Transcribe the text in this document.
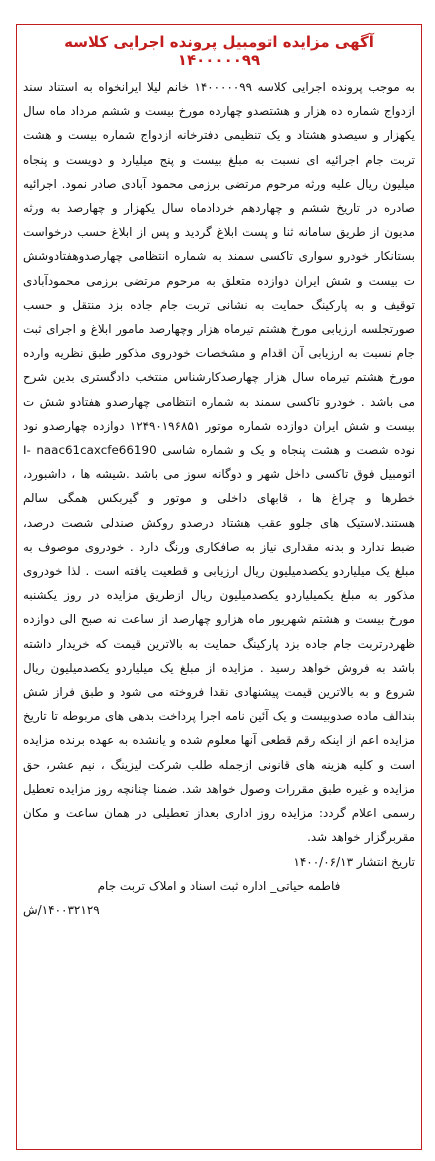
آگهی مزایده اتومبیل پرونده اجرایی کلاسه ۱۴۰۰۰۰۰۹۹

به موجب پرونده اجرایی کلاسه ۱۴۰۰۰۰۰۹۹ خانم لیلا ایرانخواه به استناد سند ازدواج شماره ده هزار و هشتصدو چهارده مورخ بیست و ششم مرداد ماه سال یکهزار و سیصدو هشتاد و یک تنظیمی دفترخانه ازدواج شماره بیست و هشت تربت جام اجرائیه ای نسبت به مبلغ بیست و پنج میلیارد و دویست و پنجاه میلیون ریال علیه ورثه مرحوم مرتضی برزمی محمود آبادی صادر نمود. اجرائیه صادره در تاریخ ششم و چهاردهم خردادماه سال یکهزار و چهارصد به ورثه مدیون از طریق سامانه ثنا و پست ابلاغ گردید و پس از ابلاغ حسب درخواست بستانکار خودرو سواری تاکسی سمند به شماره انتظامی چهارصدوهفتادوشش ت بیست و شش ایران دوازده متعلق به مرحوم مرتضی برزمی محمودآبادی توقیف و به پارکینگ حمایت به نشانی تربت جام جاده بزد منتقل و حسب صورتجلسه ارزیابی مورخ هشتم تیرماه هزار وچهارصد مامور ابلاغ و اجرای ثبت جام نسبت به ارزیابی آن اقدام و مشخصات خودروی مذکور طبق نظریه وارده مورخ هشتم تیرماه سال هزار چهارصدکارشناس منتخب دادگستری بدین شرح می باشد . خودرو تاکسی سمند به شماره انتظامی چهارصدو هفتادو شش ت بیست و شش ایران دوازده شماره موتور ۱۲۴۹۰۱۹۶۸۵۱ دوازده چهارصدو نود نوده شصت و هشت پنجاه و یک و شماره شاسی I- naac61caxcfe66190 اتومبیل فوق تاکسی داخل شهر و دوگانه سوز می باشد .شیشه ها ، داشبورد، خطرها و چراغ ها ، قابهای داخلی و موتور و گیربکس همگی سالم هستند.لاستیک های جلوو عقب هشتاد درصدو روکش صندلی شصت درصد، ضبط ندارد و بدنه مقداری نیاز به صافکاری ورنگ دارد . خودروی موصوف به مبلغ یک میلیاردو یکصدمیلیون ریال ارزیابی و قطعیت یافته است . لذا خودروی مذکور به مبلغ یکمیلیاردو یکصدمیلیون ریال ازطریق مزایده در روز یکشنبه مورخ بیست و هشتم شهریور ماه هزارو چهارصد از ساعت نه صبح الی دوازده ظهردرتربت جام جاده بزد پارکینگ حمایت به بالاترین قیمت که خریدار داشته باشد به فروش خواهد رسید . مزایده از مبلغ یک میلیاردو یکصدمیلیون ریال شروع و به بالاترین قیمت پیشنهادی نقدا فروخته می شود و طبق فراز شش بندالف ماده صدوبیست و یک آئین نامه اجرا پرداخت بدهی های مربوطه تا تاریخ مزایده اعم از اینکه رقم قطعی آنها معلوم شده و یانشده به عهده برنده مزایده است و کلیه هزینه های قانونی ازجمله طلب شرکت لیزینگ ، نیم عشر، حق مزایده و غیره طبق مقررات وصول خواهد شد. ضمنا چنانچه روز مزایده تعطیل رسمی اعلام گردد: مزایده روز اداری بعداز تعطیلی در همان ساعت و مکان مقربرگزار خواهد شد.

تاریخ انتشار ۱۴۰۰/۰۶/۱۳

فاطمه حیاتی_ اداره ثبت اسناد و املاک تربت جام

۱۴۰۰۳۲۱۲۹/ش
